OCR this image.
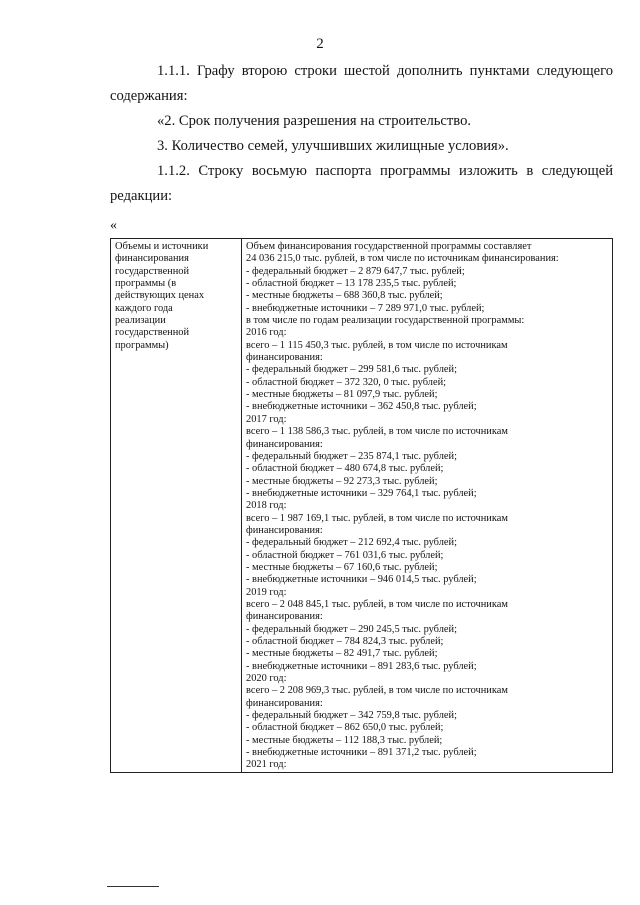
2
1.1.1. Графу второю строки шестой дополнить пунктами следующего
содержания:
«2. Срок получения разрешения на строительство.
3. Количество семей, улучшивших жилищные условия».
1.1.2. Строку восьмую паспорта программы изложить в следующей
редакции:
«
Объемы и источники
финансирования
государственной
программы (в
действующих ценах
каждого года
реализации
государственной
программы)

Объем финансирования государственной программы составляет
24 036 215,0 тыс. рублей, в том числе по источникам финансирования:
- федеральный бюджет – 2 879 647,7 тыс. рублей;
- областной бюджет – 13 178 235,5 тыс. рублей;
- местные бюджеты – 688 360,8 тыс. рублей;
- внебюджетные источники – 7 289 971,0 тыс. рублей;
в том числе по годам реализации государственной программы:
2016 год:
всего – 1 115 450,3 тыс. рублей, в том числе по источникам
финансирования:
- федеральный бюджет – 299 581,6 тыс. рублей;
- областной бюджет – 372 320, 0 тыс. рублей;
- местные бюджеты – 81 097,9 тыс. рублей;
- внебюджетные источники – 362 450,8 тыс. рублей;
2017 год:
всего – 1 138 586,3 тыс. рублей, в том числе по источникам
финансирования:
- федеральный бюджет – 235 874,1 тыс. рублей;
- областной бюджет – 480 674,8 тыс. рублей;
- местные бюджеты – 92 273,3 тыс. рублей;
- внебюджетные источники – 329 764,1 тыс. рублей;
2018 год:
всего – 1 987 169,1 тыс. рублей, в том числе по источникам
финансирования:
- федеральный бюджет – 212 692,4 тыс. рублей;
- областной бюджет – 761 031,6 тыс. рублей;
- местные бюджеты – 67 160,6 тыс. рублей;
- внебюджетные источники – 946 014,5 тыс. рублей;
2019 год:
всего – 2 048 845,1 тыс. рублей, в том числе по источникам
финансирования:
- федеральный бюджет – 290 245,5 тыс. рублей;
- областной бюджет – 784 824,3 тыс. рублей;
- местные бюджеты – 82 491,7 тыс. рублей;
- внебюджетные источники – 891 283,6 тыс. рублей;
2020 год:
всего – 2 208 969,3 тыс. рублей, в том числе по источникам
финансирования:
- федеральный бюджет – 342 759,8 тыс. рублей;
- областной бюджет – 862 650,0 тыс. рублей;
- местные бюджеты – 112 188,3 тыс. рублей;
- внебюджетные источники – 891 371,2 тыс. рублей;
2021 год:
